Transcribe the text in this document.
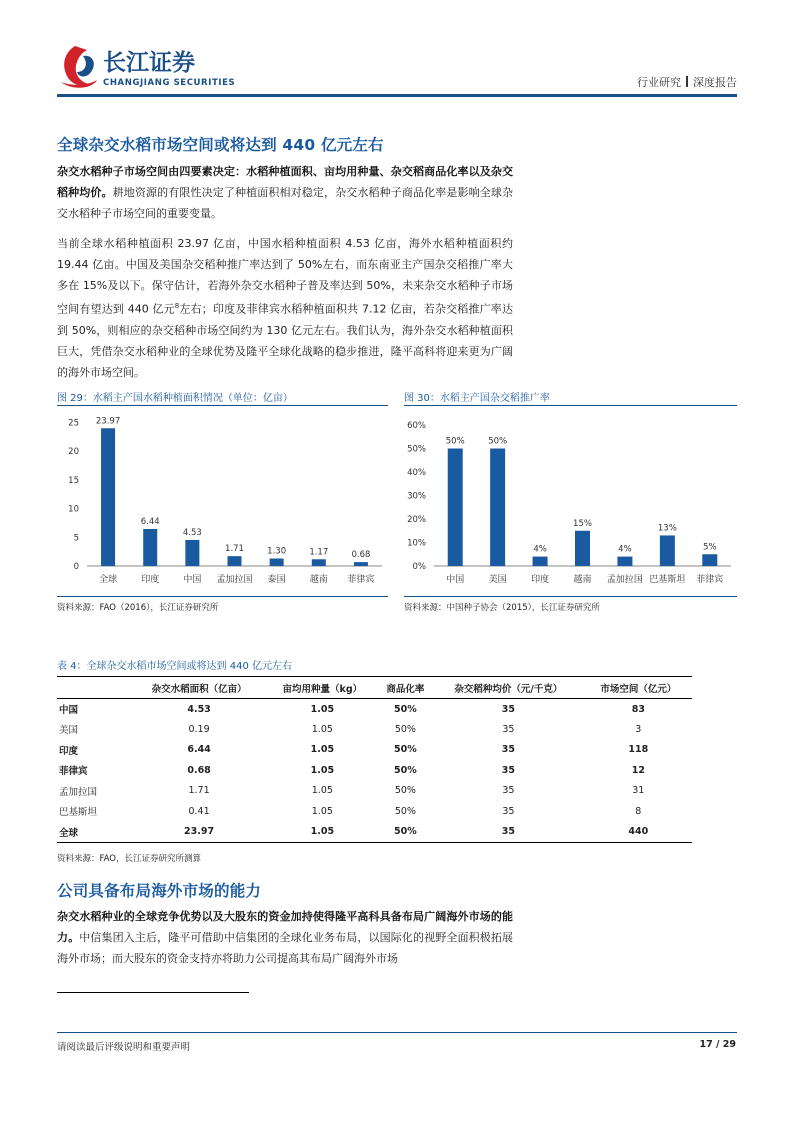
长江证券
CHANGJIANG SECURITIES	行业研究 深度报告
全球杂交水稻市场空间或将达到 440 亿元左右

杂交水稻种子市场空间由四要素决定：水稻种植面积、亩均用种量、杂交稻商品化率以及杂交稻种均价。耕地资源的有限性决定了种植面积相对稳定，杂交水稻种子商品化率是影响全球杂交水稻种子市场空间的重要变量。

当前全球水稻种植面积 23.97 亿亩，中国水稻种植面积 4.53 亿亩，海外水稻种植面积约 19.44 亿亩。中国及美国杂交稻种推广率达到了 50%左右，而东南亚主产国杂交稻推广率大多在 15%及以下。保守估计，若海外杂交水稻种子普及率达到 50%，未来杂交水稻种子市场空间有望达到 440 亿元$^8$左右；印度及菲律宾水稻种植面积共 7.12 亿亩，若杂交稻推广率达到 50%，则相应的杂交稻种市场空间约为 130 亿元左右。我们认为，海外杂交水稻种植面积巨大，凭借杂交水稻种业的全球优势及隆平全球化战略的稳步推进，隆平高科将迎来更为广阔的海外市场空间。

图 29：水稻主产国水稻种植面积情况（单位：亿亩）
0
5
10
15
20
25 23.97
全球
6.44
印度
4.53
中国
1.71
孟加拉国
1.30
泰国
1.17
越南
0.68
菲律宾
资料来源：FAO（2016），长江证券研究所
图 30：水稻主产国杂交稻推广率
0%
10%
20%
30%
40%
50%
60%
50%
中国
50%
美国
4%
印度
15%
越南
4%
孟加拉国
13%
巴基斯坦
5%
菲律宾
资料来源：中国种子协会（2015），长江证券研究所
表 4：全球杂交水稻市场空间或将达到 440 亿元左右
	杂交水稻面积（亿亩）	亩均用种量（kg）	商品化率	杂交稻种均价（元/千克）	市场空间（亿元）
中国	4.53	1.05	50%	35	83
美国	0.19	1.05	50%	35	3
印度	6.44	1.05	50%	35	118
菲律宾	0.68	1.05	50%	35	12
孟加拉国	1.71	1.05	50%	35	31
巴基斯坦	0.41	1.05	50%	35	8
全球	23.97	1.05	50%	35	440
资料来源：FAO，长江证券研究所测算
公司具备布局海外市场的能力

杂交水稻种业的全球竞争优势以及大股东的资金加持使得隆平高科具备布局广阔海外市场的能力。中信集团入主后，隆平可借助中信集团的全球化业务布局，以国际化的视野全面积极拓展海外市场；而大股东的资金支持亦将助力公司提高其布局广阔海外市场

请阅读最后评级说明和重要声明	17 / 29
